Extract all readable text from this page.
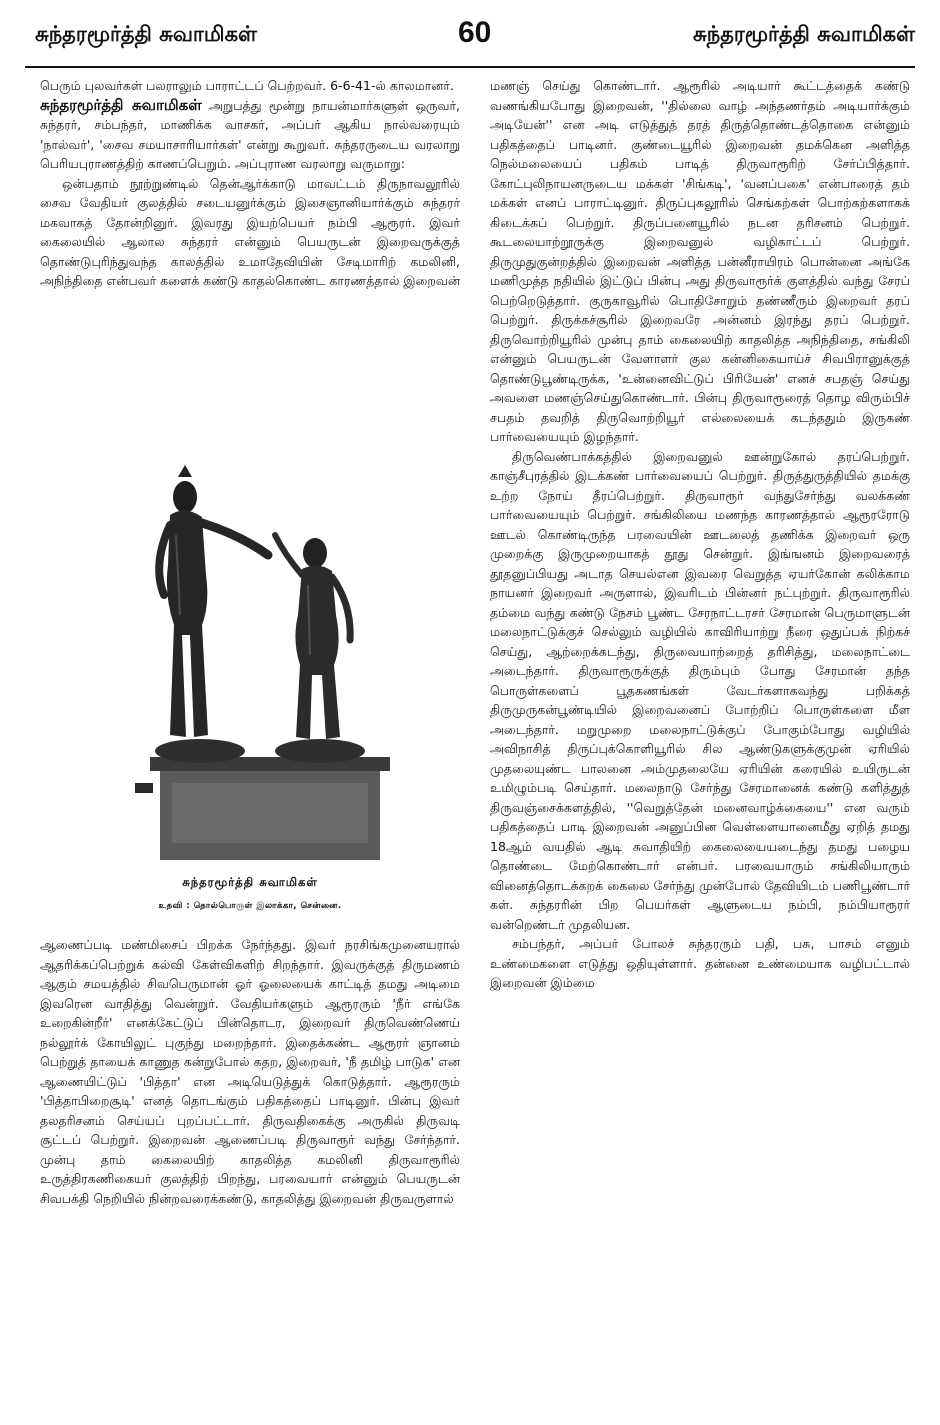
சுந்தரமூர்த்தி சுவாமிகள்	60	சுந்தரமூர்த்தி சுவாமிகள்

பெரும் புலவர்கள் பலராலும் பாராட்டப் பெற்றவர். 6-6-41-ல் காலமானர்.

சுந்தரமூர்த்தி சுவாமிகள் அறுபத்து மூன்று நாயன்மார்களுள் ஒருவர், சுந்தரர், சம்பந்தர், மாணிக்க வாசகர், அப்பர் ஆகிய நால்வரையும் 'நால்வர்', 'சைவ சமயாசாரியார்கள்' என்று கூறுவர். சுந்தரருடைய வரலாறு பெரியபுராணத்திற் காணப்பெறும். அப்புராண வரலாறு வருமாறு:

ஒன்பதாம் நூற்றுண்டில் தென்ஆர்க்காடு மாவட்டம் திருநாவலூரில் சைவ வேதியர் குலத்தில் சடையனுர்க்கும் இசைஞானியார்க்கும் சுந்தரர் மகவாகத் தோன்றினுர். இவரது இயற்பெயர் நம்பி ஆரூரர். இவர் கைலையில் ஆலால சுந்தரர் என்னும் பெயருடன் இறைவருக்குத் தொண்டுபுரிந்துவந்த காலத்தில் உமாதேவியின் சேடிமாரிற் கமலினி, அநிந்திதை என்பவர் களைக் கண்டு காதல்கொண்ட காரணத்தால் இறைவன்

சுந்தரமூர்த்தி சுவாமிகள்
உதவி : தொல்பொருள் இலாக்கா, சென்னை.

ஆணைப்படி மண்மிசைப் பிறக்க நேர்ந்தது. இவர் நரசிங்கமுனையரால் ஆதரிக்கப்பெற்றுக் கல்வி கேள்விகளிற் சிறந்தார். இவருக்குத் திருமணம் ஆகும் சமயத்தில் சிவபெருமான் ஓர் ஓலையைக் காட்டித் தமது அடிமை இவரென வாதித்து வென்றுர். வேதியர்களும் ஆரூரரும் 'நீர் எங்கே உறைகின்றீர்' எனக்கேட்டுப் பின்தொடர, இறைவர் திருவெண்ணெய் நல்லூர்க் கோயிலுட் புகுந்து மறைந்தார். இதைக்கண்ட ஆரூரர் ஞானம் பெற்றுத் தாயைக் காணுத கன்றுபோல் கதற, இறைவர், 'நீ தமிழ் பாடுக' என ஆணையிட்டுப் 'பித்தா' என அடியெடுத்துக் கொடுத்தார். ஆரூரரும் 'பித்தாபிறைசூடி' எனத் தொடங்கும் பதிகத்தைப் பாடினுர். பின்பு இவர் தலதரிசனம் செய்யப் புறப்பட்டார். திருவதிகைக்கு அருகில் திருவடி சூட்டப் பெற்றுர். இறைவன் ஆணைப்படி திருவாரூர் வந்து சேர்ந்தார். முன்பு தாம் கைலையிற் காதலித்த கமலினி திருவாரூரில் உருத்திரகணிகையர் குலத்திற் பிறந்து, பரவையார் என்னும் பெயருடன் சிவபக்தி நெறியில் நின்றவரைக்கண்டு, காதலித்து இறைவன் திருவருளால்

மணஞ் செய்து கொண்டார். ஆரூரில் அடியார் கூட்டத்தைக் கண்டு வணங்கியபோது இறைவன், ''தில்லை வாழ் அந்தணர்தம் அடியார்க்கும் அடியேன்'' என அடி எடுத்துத் தரத் திருத்தொண்டத்தொகை என்னும் பதிகத்தைப் பாடினர். குண்டையூரில் இறைவன் தமக்கென அளித்த நெல்மலையைப் பதிகம் பாடித் திருவாரூரிற் சேர்ப்பித்தார். கோட்புலிநாயனருடைய மக்கள் 'சிங்கடி', 'வனப்பகை' என்பாரைத் தம் மக்கள் எனப் பாராட்டினுர். திருப்புகலூரில் செங்கற்கள் பொற்கற்களாகக் கிடைக்கப் பெற்றுர். திருப்பனையூரில் நடன தரிசனம் பெற்றுர். கூடலையாற்றூருக்கு இறைவனுல் வழிகாட்டப் பெற்றுர். திருமுதுகுன்றத்தில் இறைவன் அளித்த பன்னீராயிரம் பொன்னை அங்கே மணிமுத்த நதியில் இட்டுப் பின்பு அது திருவாரூர்க் குளத்தில் வந்து சேரப் பெற்றெடுத்தார். குருகாவூரில் பொதிசோறும் தண்ணீரும் இறைவர் தரப் பெற்றுர். திருக்கச்சூரில் இறைவரே அன்னம் இரந்து தரப் பெற்றுர். திருவொற்றியூரில் முன்பு தாம் கைலையிற் காதலித்த அநிந்திதை, சங்கிலி என்னும் பெயருடன் வேளாளர் குல கன்னிகையாய்ச் சிவபிரானுக்குத் தொண்டுபூண்டிருக்க, 'உன்னைவிட்டுப் பிரியேன்' எனச் சபதஞ் செய்து அவளை மணஞ்செய்துகொண்டார். பின்பு திருவாரூரைத் தொழ விரும்பிச் சபதம் தவறித் திருவொற்றியூர் எல்லையைக் கடந்ததும் இருகண் பார்வையையும் இழந்தார்.

திருவெண்பாக்கத்தில் இறைவனுல் ஊன்றுகோல் தரப்பெற்றுர். காஞ்சீபுரத்தில் இடக்கண் பார்வையைப் பெற்றுர். திருத்துருத்தியில் தமக்கு உற்ற நோய் தீரப்பெற்றுர். திருவாரூர் வந்துசேர்ந்து வலக்கண் பார்வையையும் பெற்றுர். சங்கிலியை மணந்த காரணத்தால் ஆரூரரோடு ஊடல் கொண்டிருந்த பரவையின் ஊடலைத் தணிக்க இறைவர் ஒரு முறைக்கு இருமுறையாகத் தூது சென்றுர். இங்ஙனம் இறைவரைத் தூதனுப்பியது அடாத செயல்என இவரை வெறுத்த ஏயர்கோன் கலிக்காம நாயனர் இறைவர் அருளால், இவரிடம் பின்னர் நட்புற்றுர். திருவாரூரில் தம்மை வந்து கண்டு நேசம் பூண்ட சேரநாட்டரசர் சேரமான் பெருமாளுடன் மலைநாட்டுக்குச் செல்லும் வழியில் காவிரியாற்று நீரை ஒதுப்பக் நிற்கச் செய்து, ஆற்றைக்கடந்து, திருவையாற்றைத் தரிசித்து, மலைநாட்டை அடைந்தார். திருவாரூருக்குத் திரும்பும் போது சேரமான் தந்த பொருள்களைப் பூதகணங்கள் வேடர்களாகவந்து பறிக்கத் திருமுருகன்பூண்டியில் இறைவனைப் போற்றிப் பொருள்களை மீள அடைந்தார். மறுமுறை மலைநாட்டுக்குப் போகும்போது வழியில் அவிநாசித் திருப்புக்கொளியூரில் சில ஆண்டுகளுக்குமுன் ஏரியில் முதலையுண்ட பாலனை அம்முதலையே ஏரியின் கரையில் உயிருடன் உமிழும்படி செய்தார். மலைநாடு சேர்ந்து சேரமானைக் கண்டு களித்துத் திருவஞ்சைக்களத்தில், ''வெறுத்தேன் மனைவாழ்க்கையை'' என வரும் பதிகத்தைப் பாடி இறைவன் அனுப்பின வெள்ளையானைமீது ஏறித் தமது 18ஆம் வயதில் ஆடி சுவாதியிற் கைலையையடைந்து தமது பழைய தொண்டை மேற்கொண்டார் என்பர். பரவையாரும் சங்கிலியாரும் வினைத்தொடக்கறக் கைலை சேர்ந்து முன்போல் தேவியிடம் பணிபூண்டார் கள். சுந்தரரின் பிற பெயர்கள் ஆளுடைய நம்பி, நம்பியாரூரர் வன்றெண்டர் முதலியன.

சம்பந்தர், அப்பர் போலச் சுந்தரரும் பதி, பசு, பாசம் எனும் உண்மைகளை எடுத்து ஒதியுள்ளார். தன்னை உண்மையாக வழிபட்டால் இறைவன் இம்மை
